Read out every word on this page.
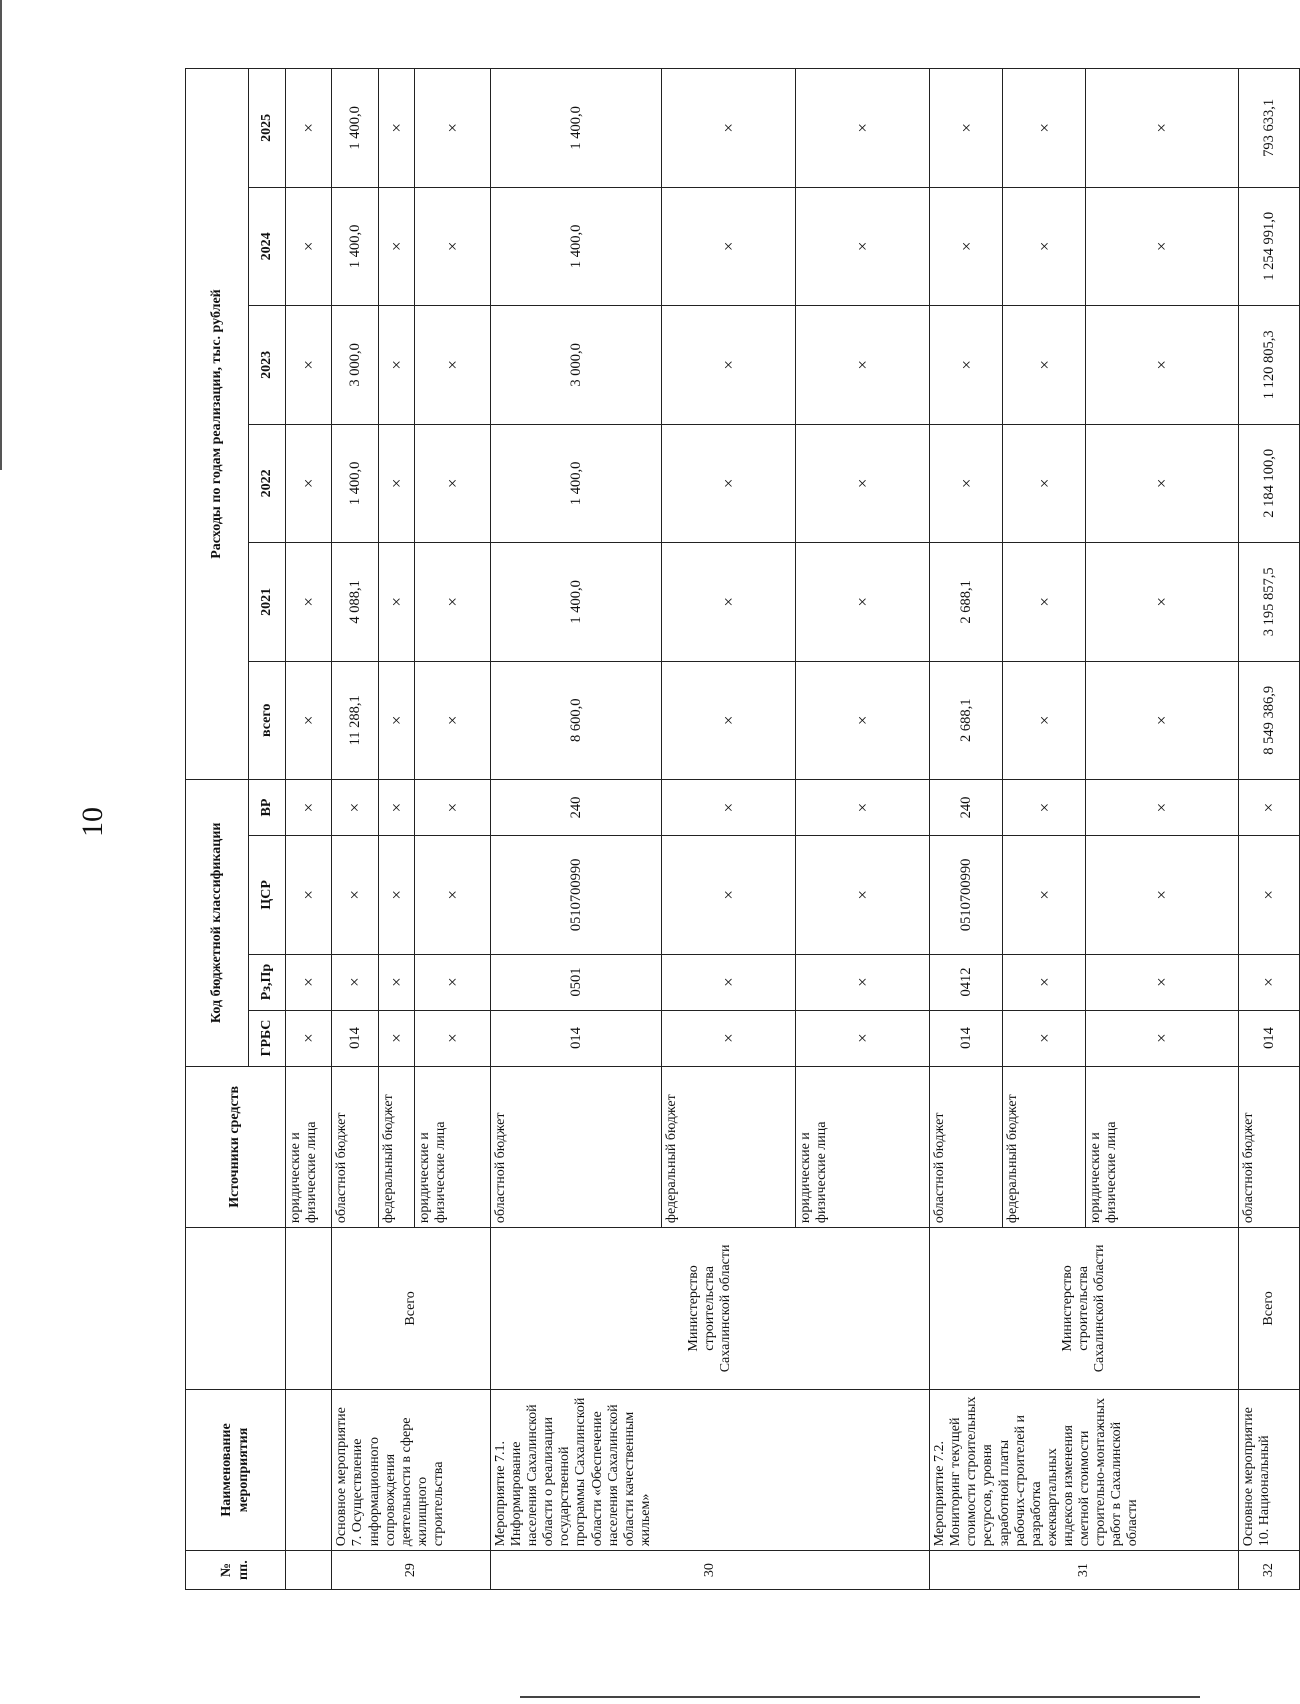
10
№ пп.	Наименование мероприятия		Источники средств	Код бюджетной классификации				Расходы по годам реализации, тыс. рублей					
				ГРБС	Рз,Пр	ЦСР	ВР	всего	2021	2022	2023	2024	2025
			юридические и физические лица	×	×	×	×	×	×	×	×	×	×
29	Основное мероприятие 7. Осуществление информационного сопровождения деятельности в сфере жилищного строительства	Всего	областной бюджет	014	×	×	×	11 288,1	4 088,1	1 400,0	3 000,0	1 400,0	1 400,0
			федеральный бюджет	×	×	×	×	×	×	×	×	×	×
			юридические и физические лица	×	×	×	×	×	×	×	×	×	×
30	Мероприятие 7.1. Информирование населения Сахалинской области о реализации государственной программы Сахалинской области «Обеспечение населения Сахалинской области качественным жильем»	Министерство строительства Сахалинской области	областной бюджет	014	0501	0510700990	240	8 600,0	1 400,0	1 400,0	3 000,0	1 400,0	1 400,0
			федеральный бюджет	×	×	×	×	×	×	×	×	×	×
			юридические и физические лица	×	×	×	×	×	×	×	×	×	×
31	Мероприятие 7.2. Мониторинг текущей стоимости строительных ресурсов, уровня заработной платы рабочих-строителей и разработка ежеквартальных индексов изменения сметной стоимости строительно-монтажных работ в Сахалинской области	Министерство строительства Сахалинской области	областной бюджет	014	0412	0510700990	240	2 688,1	2 688,1	×	×	×	×
			федеральный бюджет	×	×	×	×	×	×	×	×	×	×
			юридические и физические лица	×	×	×	×	×	×	×	×	×	×
32	Основное мероприятие 10. Национальный	Всего	областной бюджет	014	×	×	×	8 549 386,9	3 195 857,5	2 184 100,0	1 120 805,3	1 254 991,0	793 633,1
